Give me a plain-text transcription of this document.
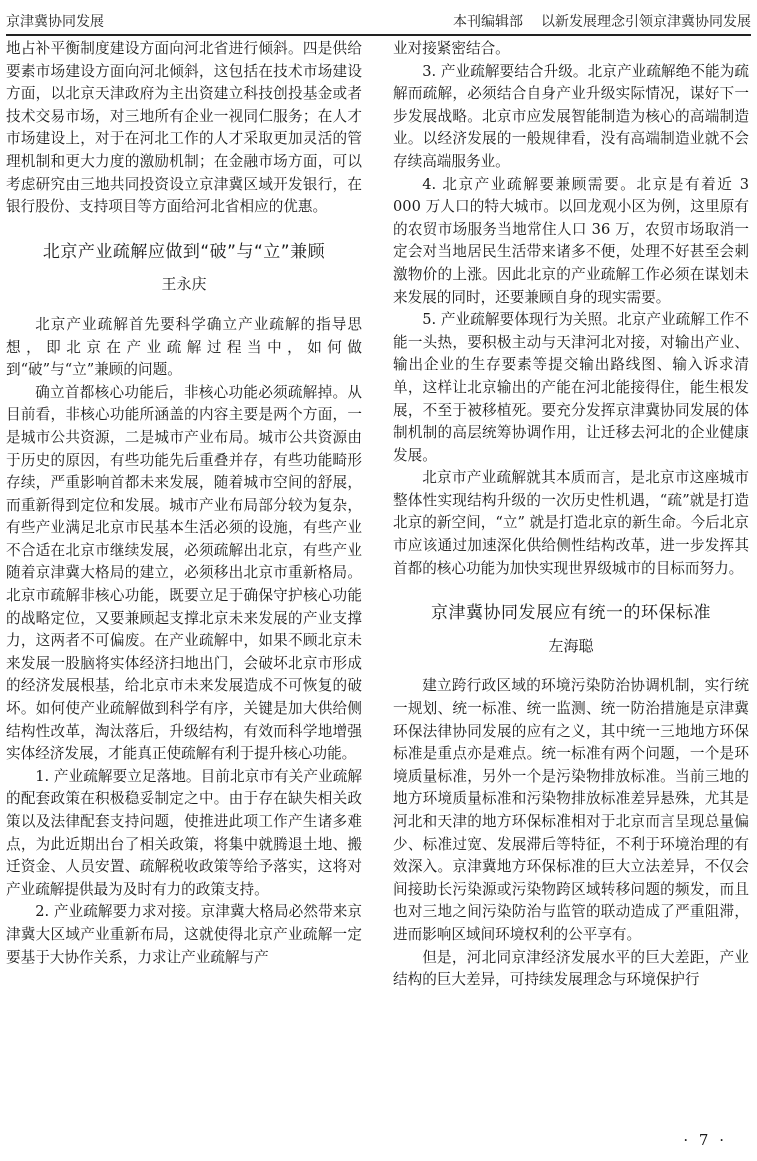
京津冀协同发展	本刊编辑部 以新发展理念引领京津冀协同发展

地占补平衡制度建设方面向河北省进行倾斜。四是供给要素市场建设方面向河北倾斜，这包括在技术市场建设方面，以北京天津政府为主出资建立科技创投基金或者技术交易市场，对三地所有企业一视同仁服务；在人才市场建设上，对于在河北工作的人才采取更加灵活的管理机制和更大力度的激励机制；在金融市场方面，可以考虑研究由三地共同投资设立京津冀区域开发银行，在银行股份、支持项目等方面给河北省相应的优惠。

北京产业疏解应做到“破”与“立”兼顾

王永庆

北京产业疏解首先要科学确立产业疏解的指导思想，即北京在产业疏解过程当中，如何做到“破”与“立”兼顾的问题。

确立首都核心功能后，非核心功能必须疏解掉。从目前看，非核心功能所涵盖的内容主要是两个方面，一是城市公共资源，二是城市产业布局。城市公共资源由于历史的原因，有些功能先后重叠并存，有些功能畸形存续，严重影响首都未来发展，随着城市空间的舒展，而重新得到定位和发展。城市产业布局部分较为复杂，有些产业满足北京市民基本生活必须的设施，有些产业不合适在北京市继续发展，必须疏解出北京，有些产业随着京津冀大格局的建立，必须移出北京市重新格局。北京市疏解非核心功能，既要立足于确保守护核心功能的战略定位，又要兼顾起支撑北京未来发展的产业支撑力，这两者不可偏废。在产业疏解中，如果不顾北京未来发展一股脑将实体经济扫地出门，会破坏北京市形成的经济发展根基，给北京市未来发展造成不可恢复的破坏。如何使产业疏解做到科学有序，关键是加大供给侧结构性改革，淘汰落后，升级结构，有效而科学地增强实体经济发展，才能真正使疏解有利于提升核心功能。

1. 产业疏解要立足落地。目前北京市有关产业疏解的配套政策在积极稳妥制定之中。由于存在缺失相关政策以及法律配套支持问题，使推进此项工作产生诸多难点，为此近期出台了相关政策，将集中就腾退土地、搬迁资金、人员安置、疏解税收政策等给予落实，这将对产业疏解提供最为及时有力的政策支持。

2. 产业疏解要力求对接。京津冀大格局必然带来京津冀大区域产业重新布局，这就使得北京产业疏解一定要基于大协作关系，力求让产业疏解与产

业对接紧密结合。

3. 产业疏解要结合升级。北京产业疏解绝不能为疏解而疏解，必须结合自身产业升级实际情况，谋好下一步发展战略。北京市应发展智能制造为核心的高端制造业。以经济发展的一般规律看，没有高端制造业就不会存续高端服务业。

4. 北京产业疏解要兼顾需要。北京是有着近 3 000 万人口的特大城市。以回龙观小区为例，这里原有的农贸市场服务当地常住人口 36 万，农贸市场取消一定会对当地居民生活带来诸多不便，处理不好甚至会刺激物价的上涨。因此北京的产业疏解工作必须在谋划未来发展的同时，还要兼顾自身的现实需要。

5. 产业疏解要体现行为关照。北京产业疏解工作不能一头热，要积极主动与天津河北对接，对输出产业、输出企业的生存要素等提交输出路线图、输入诉求清单，这样让北京输出的产能在河北能接得住，能生根发展，不至于被移植死。要充分发挥京津冀协同发展的体制机制的高层统筹协调作用，让迁移去河北的企业健康发展。

北京市产业疏解就其本质而言，是北京市这座城市整体性实现结构升级的一次历史性机遇，“疏”就是打造北京的新空间，“立” 就是打造北京的新生命。今后北京市应该通过加速深化供给侧性结构改革，进一步发挥其首都的核心功能为加快实现世界级城市的目标而努力。

京津冀协同发展应有统一的环保标准

左海聪

建立跨行政区域的环境污染防治协调机制，实行统一规划、统一标准、统一监测、统一防治措施是京津冀环保法律协同发展的应有之义，其中统一三地地方环保标准是重点亦是难点。统一标准有两个问题，一个是环境质量标准，另外一个是污染物排放标准。当前三地的地方环境质量标准和污染物排放标准差异悬殊，尤其是河北和天津的地方环保标准相对于北京而言呈现总量偏少、标准过宽、发展滞后等特征，不利于环境治理的有效深入。京津冀地方环保标准的巨大立法差异，不仅会间接助长污染源或污染物跨区域转移问题的频发，而且也对三地之间污染防治与监管的联动造成了严重阻滞，进而影响区域间环境权利的公平享有。

但是，河北同京津经济发展水平的巨大差距，产业结构的巨大差异，可持续发展理念与环境保护行

· 7 ·
